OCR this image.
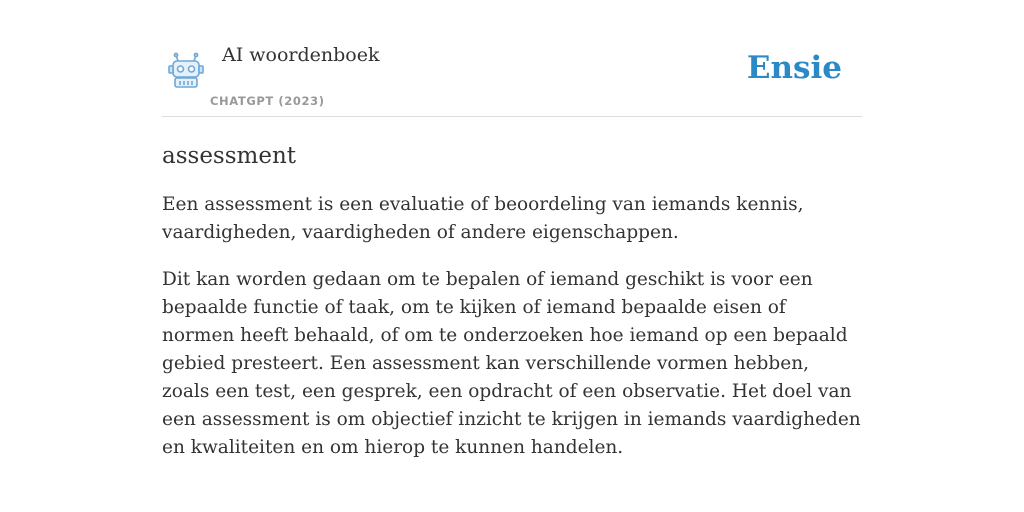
AI woordenboek
CHATGPT (2023)
Ensie
assessment

Een assessment is een evaluatie of beoordeling van iemands kennis, vaardigheden, vaardigheden of andere eigenschappen.

Dit kan worden gedaan om te bepalen of iemand geschikt is voor een bepaalde functie of taak, om te kijken of iemand bepaalde eisen of normen heeft behaald, of om te onderzoeken hoe iemand op een bepaald gebied presteert. Een assessment kan verschillende vormen hebben, zoals een test, een gesprek, een opdracht of een observatie. Het doel van een assessment is om objectief inzicht te krijgen in iemands vaardigheden en kwaliteiten en om hierop te kunnen handelen.
